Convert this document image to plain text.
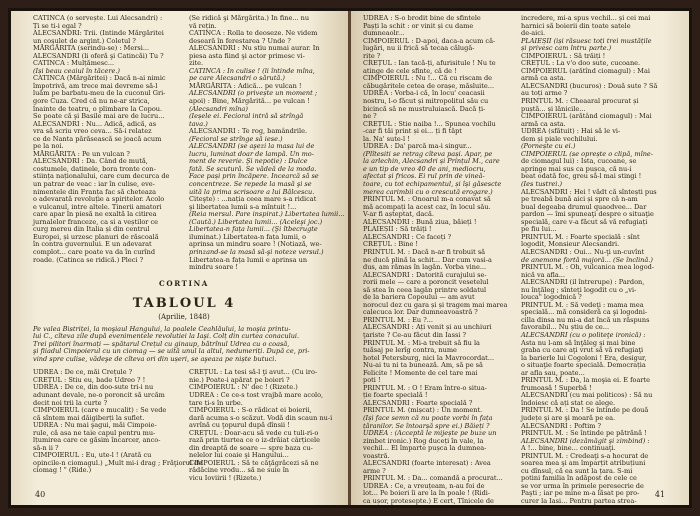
CATINCA (o servește. Lui Alecsandri) :
Ți se ti-i egal ?
ALECSANDRI: Trii. (Intinde Mărgăritei
un coşulet de argint.) Coletul ?
MĂRGĂRITA (serindu-se) : Mersi...
ALECSANDRI (li oferă şi Catincăi) Tu ?
CATINCA : Mulțămesc...
(Iși beau ceaiul în tăcere.)
CATINCA (Mărgăritei) : Dacă n-ai nimic
împotrivă, am trece mai devreme să-l
luăm pe barbatu-meu de la cuconul Gri-
gore Cuza. Cred că nu ne-ar strica,
înainte de teatru, o plimbare la Copou.
Se poate că şi Basile mai are de lucru...
ALECSANDRI : Nu... Adică, adică, as
vra să scriu vreo ceva... Să-i relatez
ce de Nanta părăsească se joacă acum
pe la noi.
MĂRGĂRITA : Pe un vulcan ?
ALECSANDRI : Da. Când de mută,
costumele, datinele, bora tronte con-
stiința naționalului, care cum decurca de
un patrar de veac : iar în culise, eve-
nimentele din Franța fac să cheteaza
o adevarată revoluție a spiritelor. Acolo
e vulcanul, intre altele. Tinerii amatori
care apar în piesă ne exaltă la citirea
jurnalelor franceze, ca si a veștilor ce
curg mereu din Italia și din centrul
Europei, și urzesc planuri de răscoală
în contra guvernului. E un adevarat
complot... care poate va da în curînd
roade. (Catinca se ridică.) Pleci ?
(Se ridică şi Mărgărita.) In fine... nu
vă rețin.
CATINCA : Rolla te deoseze. Ne videm
deseară în ferestarea ? Unde ?
ALECSANDRI : Nu stiu numai aurar. In
piesa asta fiind şi actor primesc vi-
zite.
CATINCA : In culise ! (li întinde mîna,
pe care Alecsandri o sărută.)
MĂRGĂRITA : Adică... pe vulcan !
ALECSANDRI (o privește un moment ;
apoi) : Bine, Mărgărită... pe vulcan !
(Alecsandri mîna)
(Ieșele ei. Fecioral intră să strîngă
tava.)
ALECSANDRI : Te rog, bamândrile.
(Fecioral se strînge să iese.)
ALECSANDRI (se aşezi la masa lui de
lucru, luminat doar de lampă. Un mo-
ment de reverie. Şi nepoție) : Dulce
fată. Se scutură. Se vădeă de la moda.
Face pași prin încăpere. Incearcă să se
concentreze. Se repede la masă şi se
uită la prima scrisoare a lui Bălcescu.
Citeşte) : ...nația ceea mare s-a ridicat
şi libertatea lumii s-a mîntuit !...
(Reia mersul. Pare inspirat.) Libertatea lumii...
(Caută.) Libertatea lumii... (Aceleşi joc.)
Libertatea-n fața lumii... (Şi îtbecrugte
iluminat.) Libertatea-n fața lumii, o
aprinsa un mindru soare ! (Notiază, we-
prinzand-se la masă să-şi noteze versul.)
Libertatea-n fața lumii e aprinsa un
mindru soare !
CORTINA
TABLOUL 4
(Aprilie, 1848)
Pe valea Bistriței, la moşiaul Hangului, la poalele Ceahlăului, la moşia printu-
lui C., cîteva zile după evenimentele revolutiei la Iaşi. Colț din curtea conacului.
Trei pilitori înarmați — spătarul Crețul cu ginaup, bătrînul Udrea cu o coasă,
şi fiiadul Cimpoierul cu un ciomag — se uită unul la altul, nedumeriți. După ce, pri-
vind spre culise, vădeşe de cîteva ori din ușeri, se aşeaza pe niște butuci.
UDREA : De ce, măi Crețule ?
CREȚUL : Stiu eu, bade Udreo ? !
UDREA : De ce, din doo-sute tri-i nu
adunant devale, ne-o poroncit să urcăm
decit noi trii la curte ?
CIMPOIERUL (care e mucalit) : Se vede
că sîntem mai dăigiberți la suflet.
UDREA : Nu mai şagui, măi Cimpoie-
rule, că asa ne taie capul pentru mu-
lțumirea care ce găsim încarcer, anco-
să-n ii ?
CIMPOIERUL : Eu, ute-l ! (Arată cu
opincile-n ciomagul.) „Mult mi-i drag ; Frăţiorul de
ciomag ! " (Ride.)
CREȚUL : La tesi să-l ţi avut... (Cu iro-
nie.) Poate-i apărat pe boieri ?
CIMPOIERUL : N' dec ! (Rizete.)
UDREA : Ce ce-s tost vrajbă mare acolo,
tare ți-s în urbe.
CIMPOIERUL : S-o rădicat ei boierii,
dară acuma s-o scăzut. Vodă din scaun nu-i
avrînă cu ţopurul după dînsii !
CREȚUL : Doar-acu să vede cu tuli-ri-o
rază prin tiurtea ce o iz-drăiat cârțicele
din dreaptă de soare — spre baza cu-
nelelor lui coaie şi Hangului...
CIMPOIERUL : Să te căţăgrăcezi să ne
rădăcine vrodu... să ne suie în
vicu Ioviirii ! (Rizete.)
40
UDREA : S-o brodit bine de sfintele
Pașți la schit : or vinit și cu dame
dumneaolr...
CIMPOIERUL : D-apoi, daca-a acum că-
lugări, nu ii frică să tecaa călugă-
rițe ?
CREȚUL : Ian tacă-ți, afurisitule ! Nu te
atinge de cele sfinte, că de !
CIMPOIERUL : Nu !... Că cu riscam de
căbugăritele cetea de orașe, măsluite...
UDREA : Vorba-i că, în locu' ceacasii
nostru, l-o făcut și mitropolitul său cu
bicincă să ne mustruluiască. Dacă ți-
ne ?
CREȚUL : Stie naiba !... Spunea vochilu
-car fi tăi print și ei... ți fi tăpt
la. Na' sute-l !
UDREA : Da' parcă ma-i singur...
(Plîtesiti se retrag cîteva pași. Apar, pe
la arlechin, Alecsandri și Prințul M., care
e un tip de vreo 40 de ani, mediocru,
afectat și fricos. Ei rul prin de vineă-
toare, cu tot echipamentul, și își găsescte
merea carimbii cu o crescută erogare.)
PRINTUL M. : Onoarul m-a conavat să
mă acompați la acest caz, în locul său.
V-ar fi așteptat, dacă.
ALECSANDRI : Bună ziua, băieți !
PLAIEȘII : Să trăiți !
ALECSANDRI : Ce faceți ?
CREȚUL : Bine !
PRINTUL M. : Dacă n-ar fi trobuit să
ne ducă plină la schit... Dar cum vasi-a
dus, am rămas în lagăn. Vorba vine...
ALECSANDRI : Datorită curajului se-
rorii mele — care a poroncit vesetelul
să stea în ceea lagăn printre soldatul
de la bariera Copoului — am avut
norocul dez cu gara și și tragem mai marea
calecuca lor. Dar dumneavoastră ?
PRINTUL M. : Eu ?...
ALECSANDRI : Ați venit și au unchiuri
ţariste ? Ce-au făcut din Iassi ?
PRINTUL M. : Mi-a trebuit să fiu la
tuăsaj pe lerîg contra, nume
hotel Petersburg, nici la Mavrocordat...
Nu-ai tu ni ta bunează. Am, să pe să
Felicite ! Momente de cel tare mai
poti !
PRINTUL M. : O ! Eram între-o situa-
ție foarte specială !
ALECSANDRI : Foarte specială ?
PRINTUL M. (mișcat) : Un moment.
(Iși face semn că nu poate vorbi în fața
țăranilor. Se întoarșă spre ei.) Băieți ?
UDREA : (Acceptă le mijește pe buze un
zimbet ironic.) Rog duceți în vale, la
vechil... El împarte pușca la dumnea-
voastră.
ALECSANDRI (foarte interesat) : Avea
arme ?
PRINTUL M. : Da... comandă a procurat...
UDREA : Ce, a vreuțeam, n-au foi de
lot... Pe boieri îi are la în poale ! (Ridi-
ca ușor, protesepte.) E cert, Tînicele de
incredere, mi-a spus vechil... și cei mai
harnici să boierii din toate satele
de-aici.
PLAIEȘII (iși răsuesc toți trei mustățile
și privesc cam întru parte.)
CIMPOIERUL : Să trăiți !
CREȚUL : La v'o doo sute, cucoane.
CIMPOIERUL (arătînd ciomagul) : Mai
armă ca asta.
ALECSANDRI (bucuros) : Două sute ? Să
au toți arme ?
PRINTUL M. : Cheaaral procurat și
puștă... și lănicile...
CIMPOIERUL (arătând ciomagul) : Mai
armă ca asta.
UDREA (sfătuit) : Hai să le vi-
dem și piale vechilului.
(Pornește cu ei.)
CIMPOIERUL (se oprește o clipă, mîne-
de ciomagul lui) : Ista, cucoane, se
apringe mai sus ca pușca, că nu-i
beat odată foc, greu să-l mai stingi !
(Ies tustrei.)
ALECSANDRI : Hei ! vădt că sîntești pus
pe treabă bună aici și spre că n-am
bual degeaba drumul quaodvee... Dar
pardon — îmi spuneaţi despre o situaţie
specială, care v-a făcut să vă refugiați
pe fiu lui...
PRINTUL M. : Foarte specială : sînt
logodit, Monsieur Alecsandri.
ALECSANDRI : Oui... Nu-ţi un-cuvînt
de anemone fortă majoră... (Se înclină.)
PRINTUL M. : Oh, vulcanica mea logod-
nică va afla...
ALECSANDRI (il întrerupe) : Pardon,
nu înţăleg ; sînteţi logodit cu o „vi-
louca" logodnică ?
PRINTUL M. : Să vedeţi : mama mea
specială... mă consideră ca şi logodni-
cilla dinsa nu mi-a dat încă un răspuns
favorabil... Nu știu de ce...
ALECSANDRI (cu o politeţe ironică) :
Asta nu l-am să înţăleg şi mai bine
graba cu care aţi vrut să vă refugiaţi
la barierle lui Cogoloni ! Era, desigur,
o situaţie foarte specială. Democrația
ar afla sau, poate...
PRINTUL M. : Da, la moşia ei. E foarte
frumoasă ! Superbă !
ALECSANDRI (cu mai politicos) : Să nu
îndoiesc că ați stat ce alege.
PRINTUL M. : Da ! Se întinde pe două
județe şi are şi moară pe ea.
ALECSANDRI : Poftim ?
PRINTUL M. : Se întinde pe pătrănă !
ALECSANDRI (dezămăgit şi zimbind) :
A !... bine, bine... continuaţi.
PRINTUL M. : Credeaţi s-a hocurat de
soarea mea şi am împarțit atribuțiuni
cu dînsul, că ea sunt la țara. S-mi
potini familia în adăpost de cele ce
se vor urma în primele peresecrie de
Paşti ; iar pe mine m-a lăsat pe pro-
curer la Iasi... Pentru partea strea-
41
